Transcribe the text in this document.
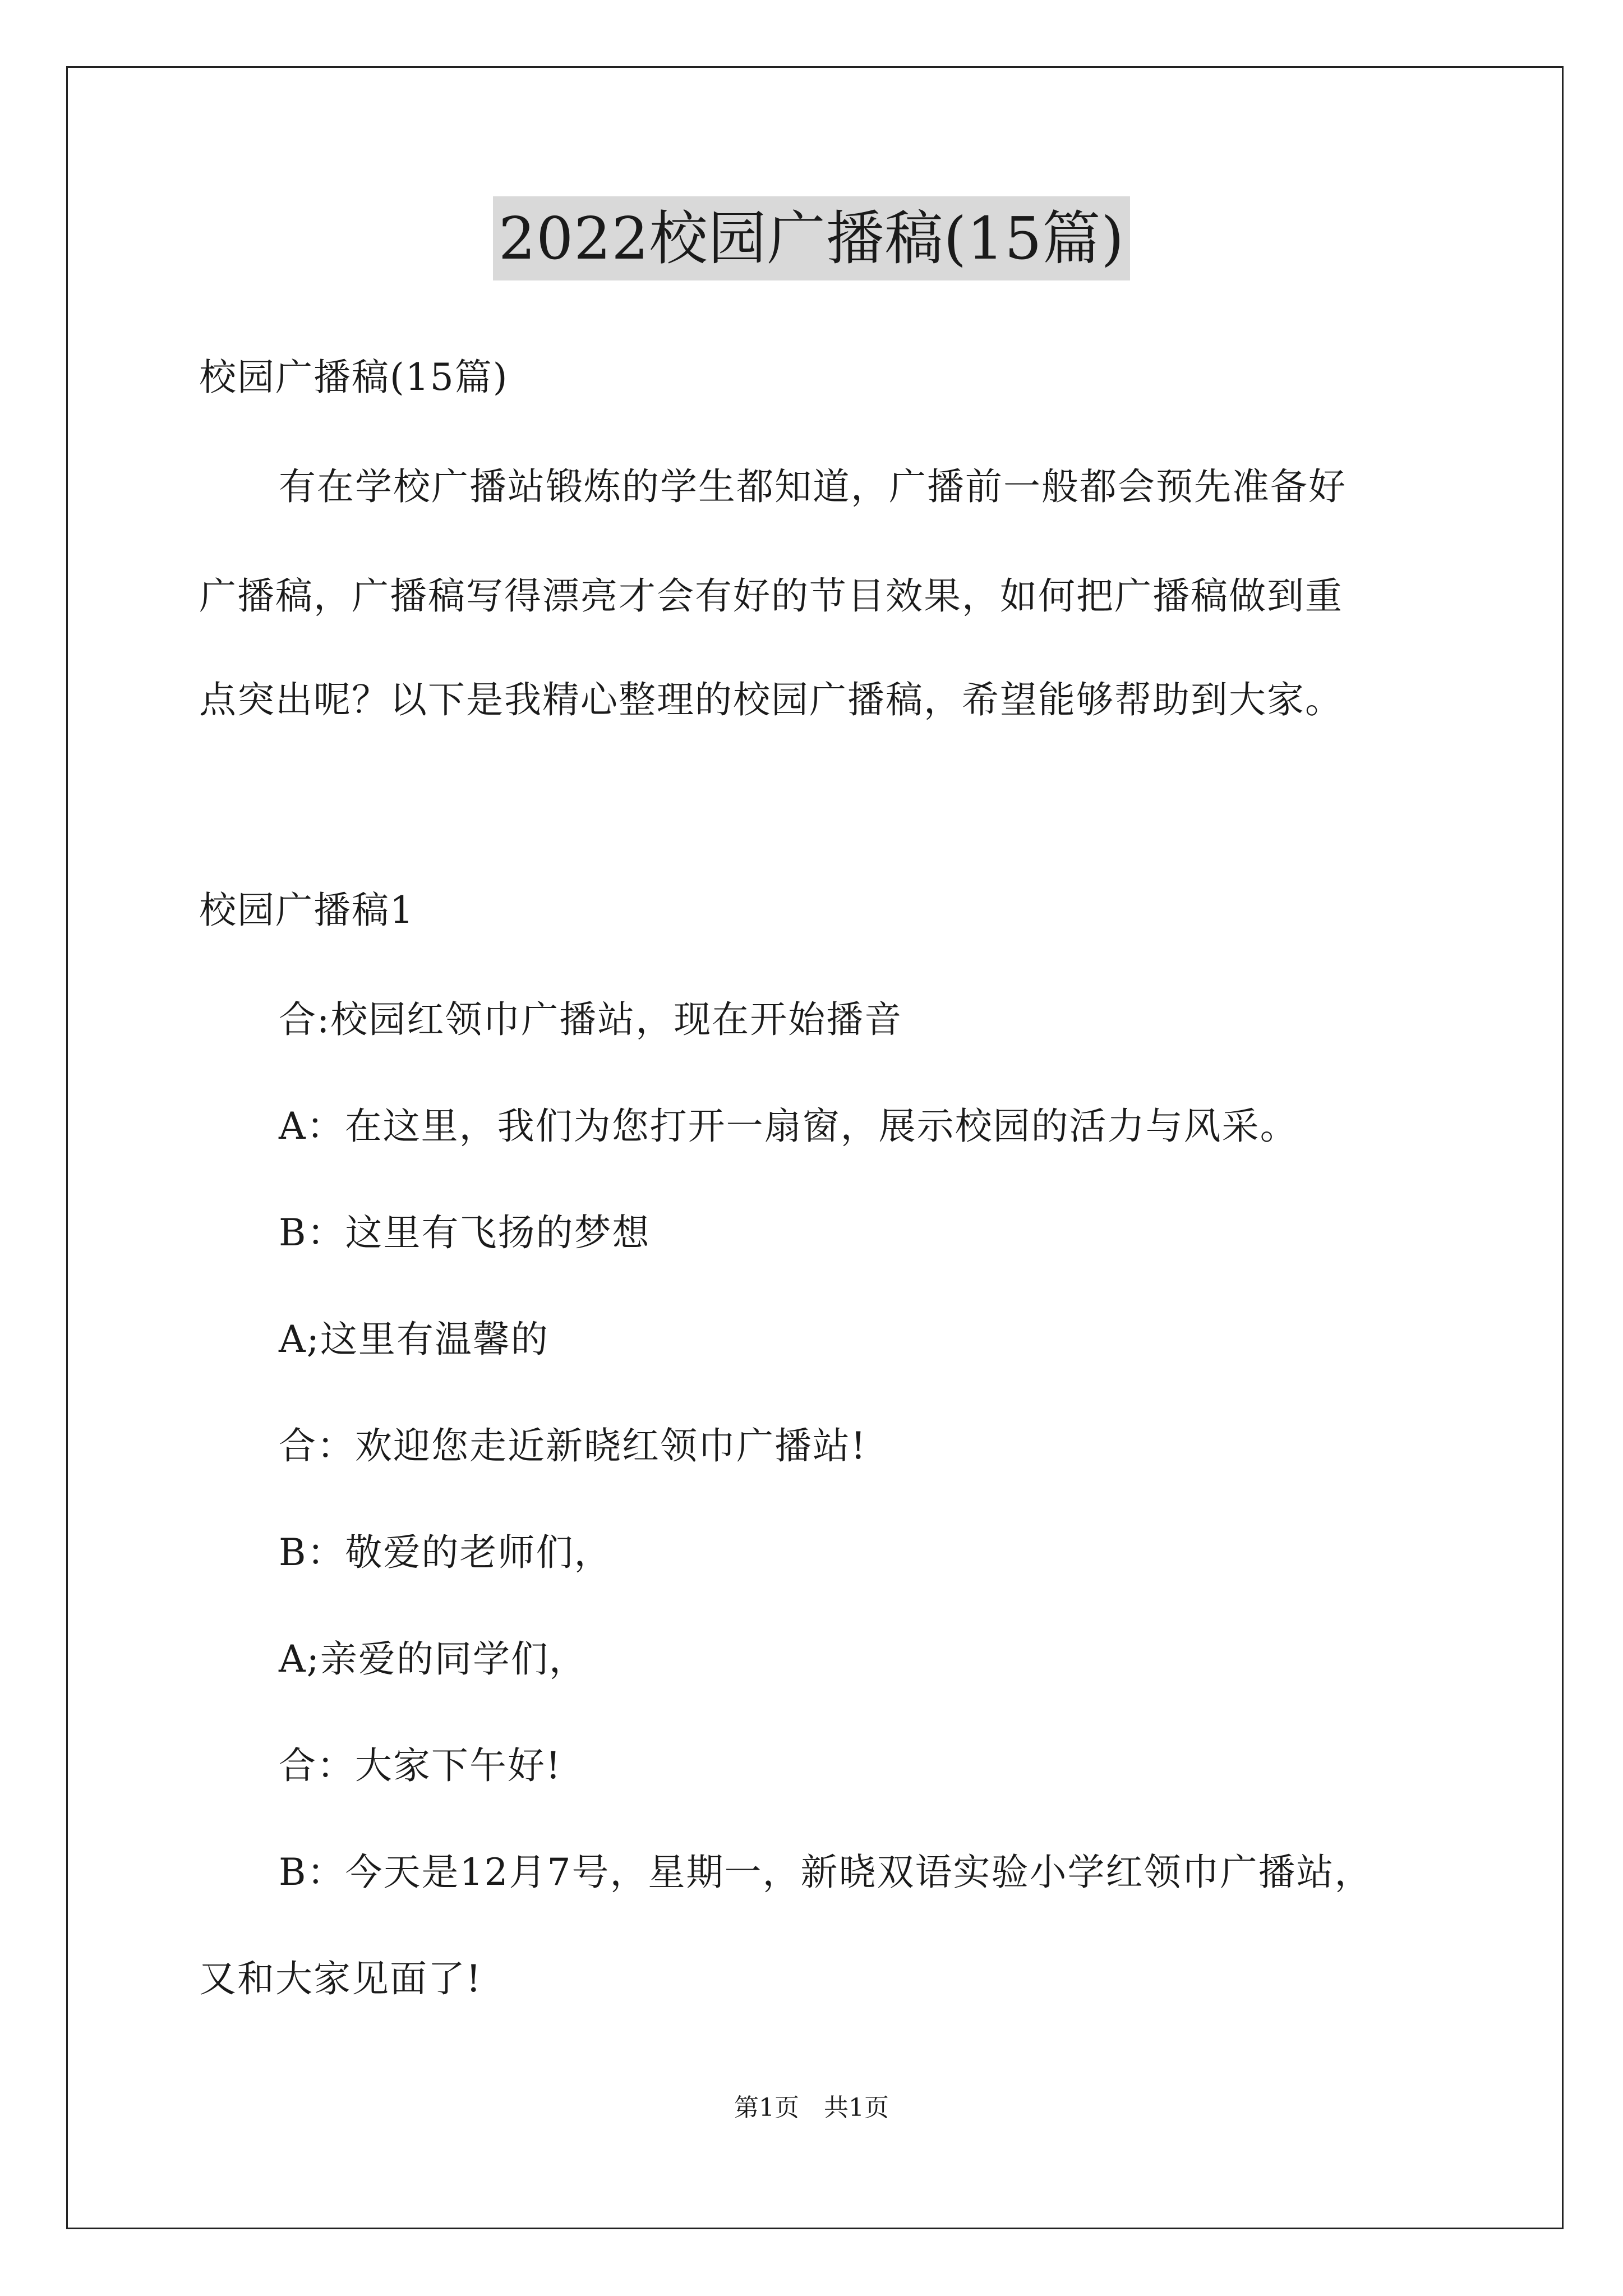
2022校园广播稿(15篇)
校园广播稿(15篇)
有在学校广播站锻炼的学生都知道，广播前一般都会预先准备好
广播稿，广播稿写得漂亮才会有好的节目效果，如何把广播稿做到重
点突出呢？以下是我精心整理的校园广播稿，希望能够帮助到大家。
校园广播稿1
合:校园红领巾广播站，现在开始播音
A：在这里，我们为您打开一扇窗，展示校园的活力与风采。
B：这里有飞扬的梦想
A;这里有温馨的
合：欢迎您走近新晓红领巾广播站!
B：敬爱的老师们，
A;亲爱的同学们，
合：大家下午好!
B：今天是12月7号，星期一，新晓双语实验小学红领巾广播站，
又和大家见面了!
第1页　共1页
